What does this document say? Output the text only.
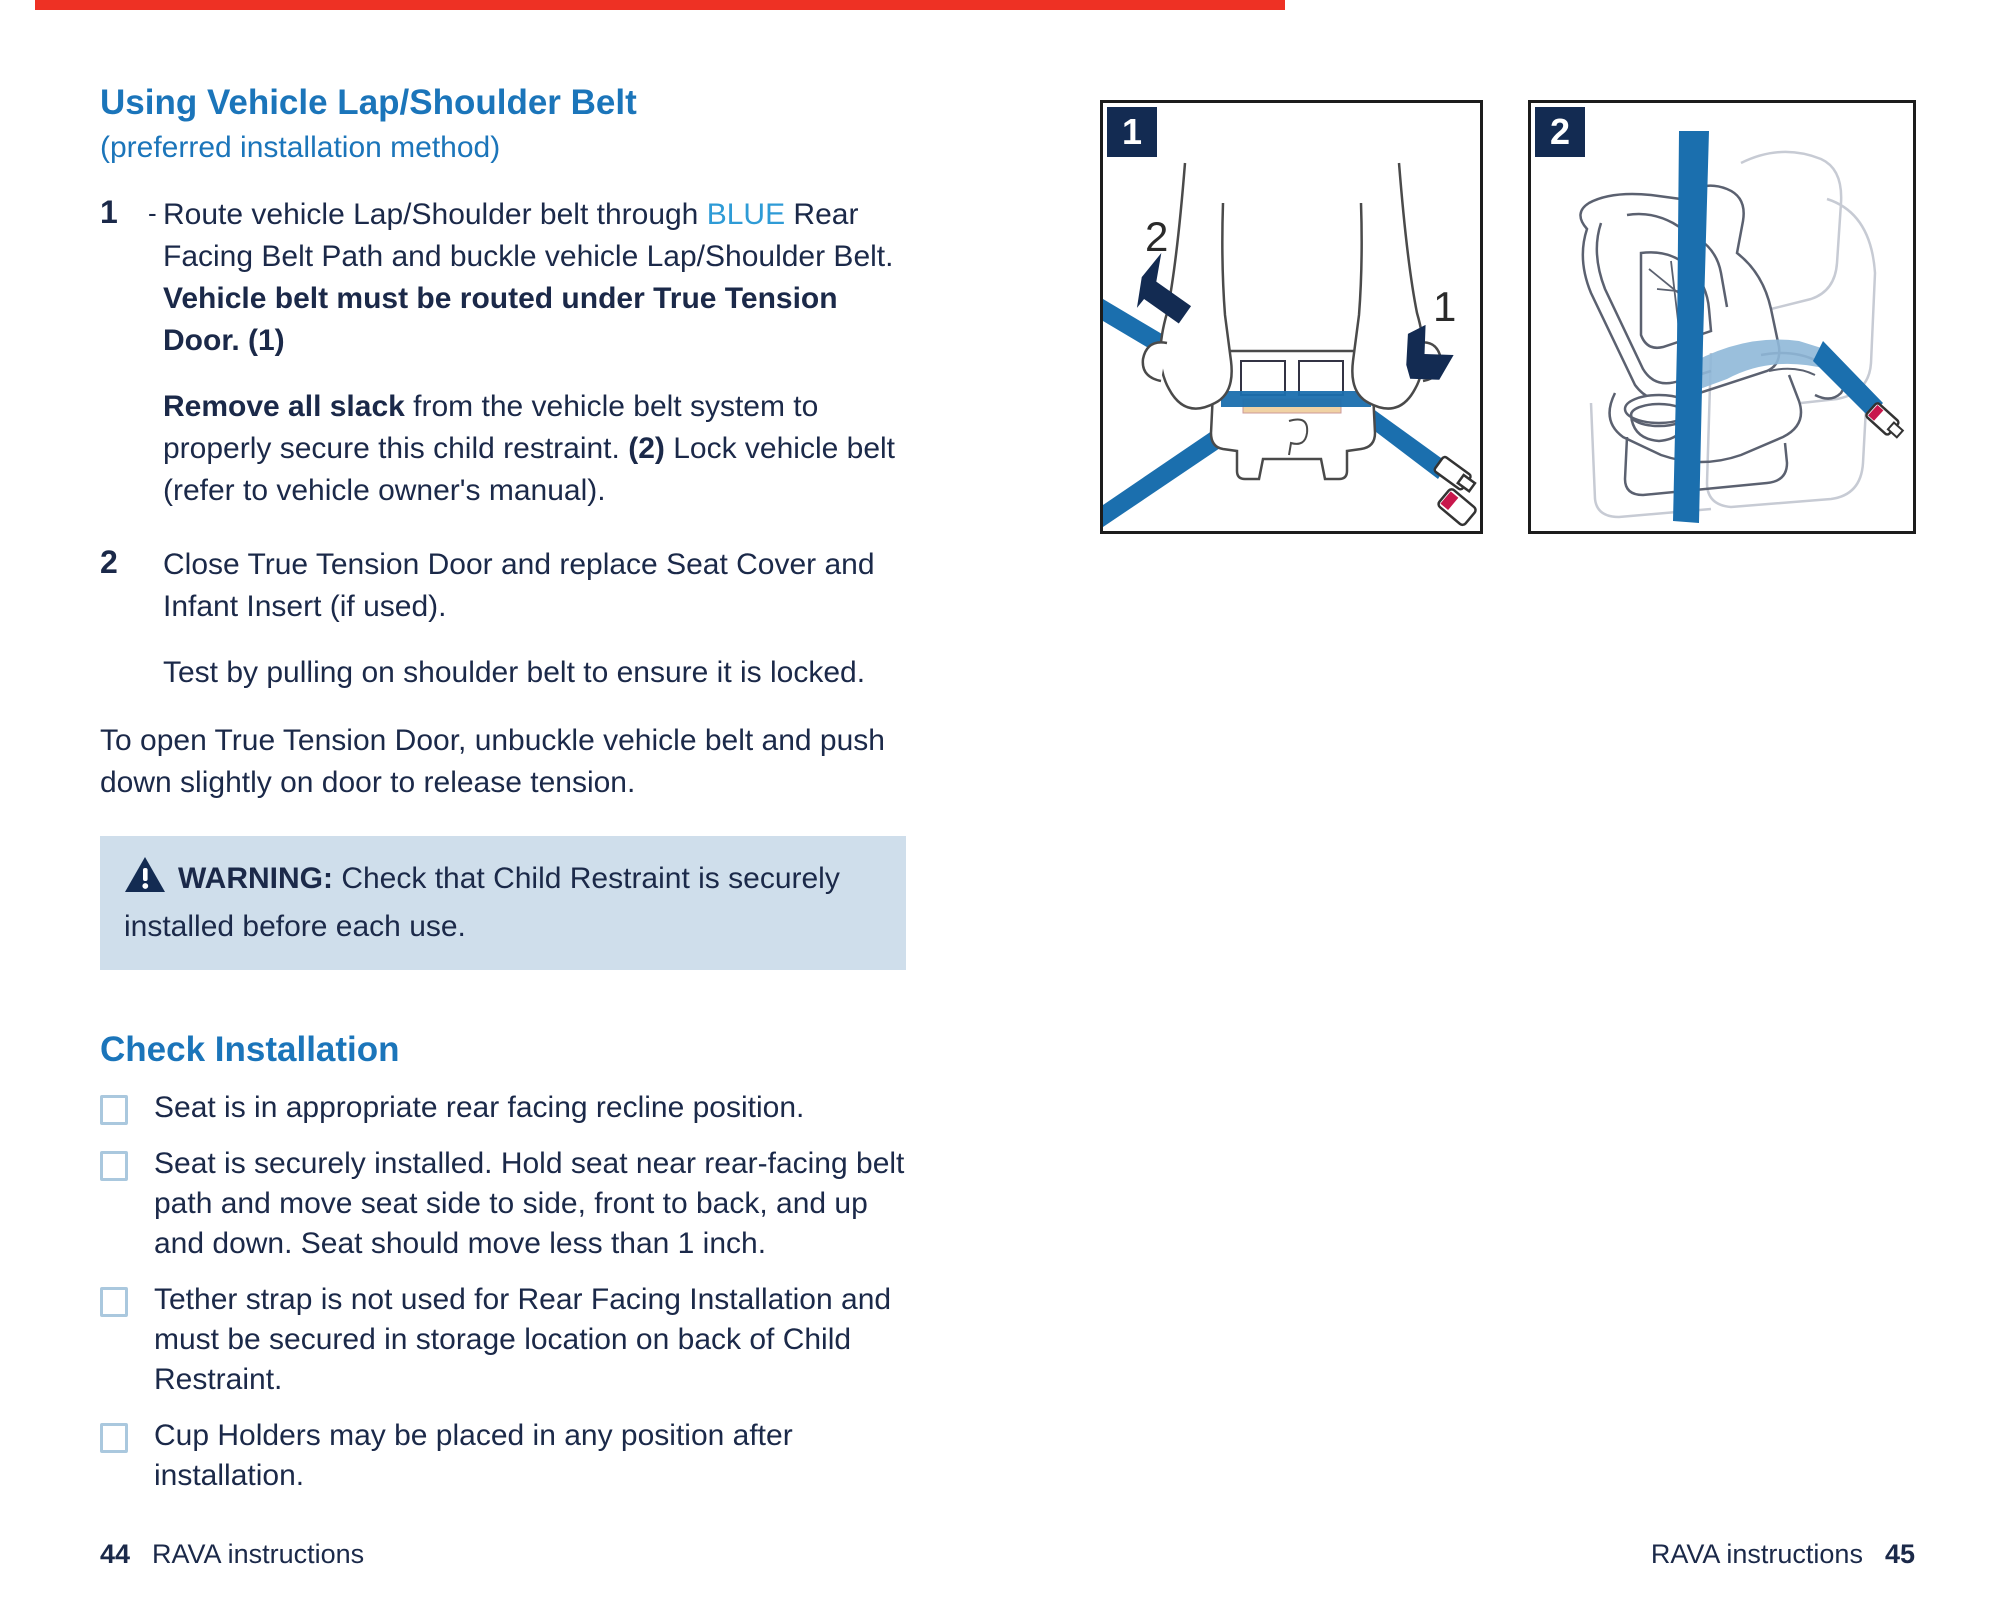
Using Vehicle Lap/Shoulder Belt
(preferred installation method)
1	- Route vehicle Lap/Shoulder belt through BLUE Rear Facing Belt Path and buckle vehicle Lap/Shoulder Belt. Vehicle belt must be routed under True Tension Door. (1)
Remove all slack from the vehicle belt system to properly secure this child restraint. (2) Lock vehicle belt (refer to vehicle owner's manual).
2	Close True Tension Door and replace Seat Cover and Infant Insert (if used).
Test by pulling on shoulder belt to ensure it is locked.
To open True Tension Door, unbuckle vehicle belt and push down slightly on door to release tension.
WARNING: Check that Child Restraint is securely installed before each use.
Check Installation
Seat is in appropriate rear facing recline position.
Seat is securely installed. Hold seat near rear-facing belt path and move seat side to side, front to back, and up and down. Seat should move less than 1 inch.
Tether strap is not used for Rear Facing Installation and must be secured in storage location on back of Child Restraint.
Cup Holders may be placed in any position after installation.
2
1
1	2
44 RAVA instructions	RAVA instructions 45
